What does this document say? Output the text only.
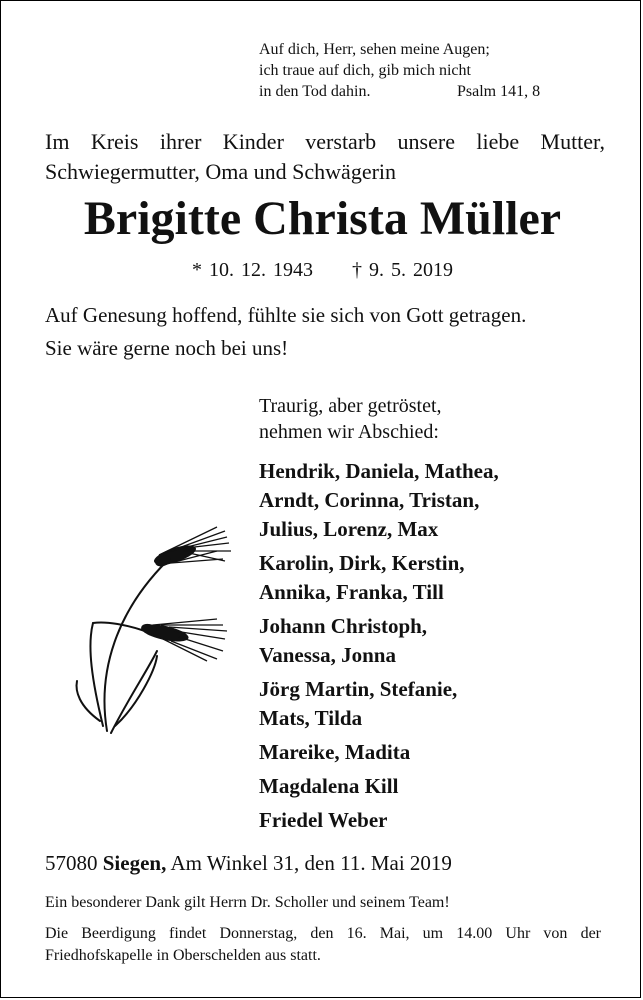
Auf dich, Herr, sehen meine Augen;
ich traue auf dich, gib mich nicht
in den Tod dahin.	Psalm 141, 8
Im Kreis ihrer Kinder verstarb unsere liebe Mutter, Schwiegermutter, Oma und Schwägerin
Brigitte Christa Müller
* 10. 12. 1943 † 9. 5. 2019
Auf Genesung hoffend, fühlte sie sich von Gott getragen.
Sie wäre gerne noch bei uns!
Traurig, aber getröstet,
nehmen wir Abschied:
Hendrik, Daniela, Mathea,
Arndt, Corinna, Tristan,
Julius, Lorenz, Max
Karolin, Dirk, Kerstin,
Annika, Franka, Till
Johann Christoph,
Vanessa, Jonna
Jörg Martin, Stefanie,
Mats, Tilda
Mareike, Madita
Magdalena Kill
Friedel Weber
57080 Siegen, Am Winkel 31, den 11. Mai 2019
Ein besonderer Dank gilt Herrn Dr. Scholler und seinem Team!
Die Beerdigung findet Donnerstag, den 16. Mai, um 14.00 Uhr von der Friedhofskapelle in Oberschelden aus statt.
